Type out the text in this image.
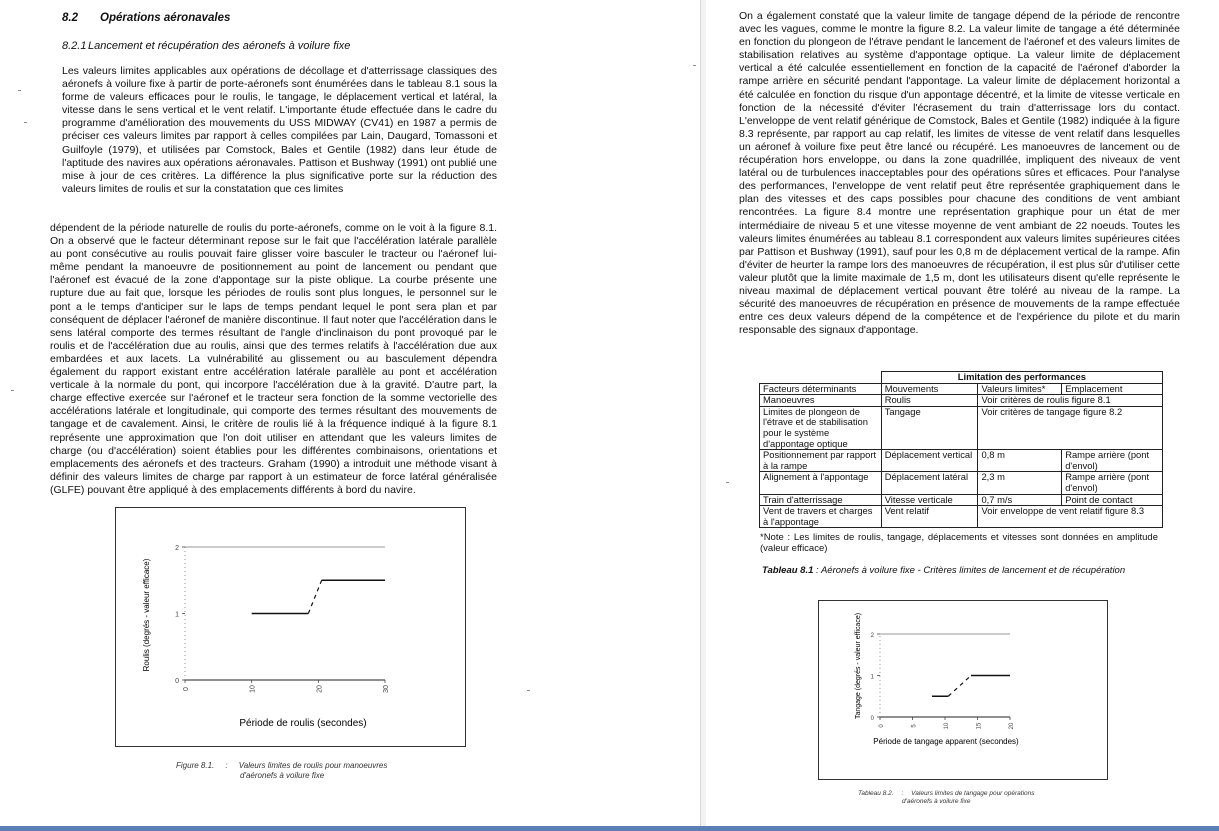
8.2 Opérations aéronavales
8.2.1 Lancement et récupération des aéronefs à voilure fixe

Les valeurs limites applicables aux opérations de décollage et d'atterrissage classiques des aéronefs à voilure fixe à partir de porte-aéronefs sont énumérées dans le tableau 8.1 sous la forme de valeurs efficaces pour le roulis, le tangage, le déplacement vertical et latéral, la vitesse dans le sens vertical et le vent relatif. L'importante étude effectuée dans le cadre du programme d'amélioration des mouvements du USS MIDWAY (CV41) en 1987 a permis de préciser ces valeurs limites par rapport à celles compilées par Lain, Daugard, Tomassoni et Guilfoyle (1979), et utilisées par Comstock, Bales et Gentile (1982) dans leur étude de l'aptitude des navires aux opérations aéronavales. Pattison et Bushway (1991) ont publié une mise à jour de ces critères. La différence la plus significative porte sur la réduction des valeurs limites de roulis et sur la constatation que ces limites

dépendent de la période naturelle de roulis du porte-aéronefs, comme on le voit à la figure 8.1. On a observé que le facteur déterminant repose sur le fait que l'accélération latérale parallèle au pont consécutive au roulis pouvait faire glisser voire basculer le tracteur ou l'aéronef lui-même pendant la manoeuvre de positionnement au point de lancement ou pendant que l'aéronef est évacué de la zone d'appontage sur la piste oblique. La courbe présente une rupture due au fait que, lorsque les périodes de roulis sont plus longues, le personnel sur le pont a le temps d'anticiper sur le laps de temps pendant lequel le pont sera plan et par conséquent de déplacer l'aéronef de manière discontinue. Il faut noter que l'accélération dans le sens latéral comporte des termes résultant de l'angle d'inclinaison du pont provoqué par le roulis et de l'accélération due au roulis, ainsi que des termes relatifs à l'accélération due aux embardées et aux lacets. La vulnérabilité au glissement ou au basculement dépendra également du rapport existant entre accélération latérale parallèle au pont et accélération verticale à la normale du pont, qui incorpore l'accélération due à la gravité. D'autre part, la charge effective exercée sur l'aéronef et le tracteur sera fonction de la somme vectorielle des accélérations latérale et longitudinale, qui comporte des termes résultant des mouvements de tangage et de cavalement. Ainsi, le critère de roulis lié à la fréquence indiqué à la figure 8.1 représente une approximation que l'on doit utiliser en attendant que les valeurs limites de charge (ou d'accélération) soient établies pour les différentes combinaisons, orientations et emplacements des aéronefs et des tracteurs. Graham (1990) a introduit une méthode visant à définir des valeurs limites de charge par rapport à un estimateur de force latéral généralisée (GLFE) pouvant être appliqué à des emplacements différents à bord du navire.

0	10	20	30
0
1
2
Période de roulis (secondes)
Roulis (degrés - valeur efficace)
Figure 8.1. : Valeurs limites de roulis pour manoeuvres
d'aéronefs à voilure fixe

On a également constaté que la valeur limite de tangage dépend de la période de rencontre avec les vagues, comme le montre la figure 8.2. La valeur limite de tangage a été déterminée en fonction du plongeon de l'étrave pendant le lancement de l'aéronef et des valeurs limites de stabilisation relatives au système d'appontage optique. La valeur limite de déplacement vertical a été calculée essentiellement en fonction de la capacité de l'aéronef d'aborder la rampe arrière en sécurité pendant l'appontage. La valeur limite de déplacement horizontal a été calculée en fonction du risque d'un appontage décentré, et la limite de vitesse verticale en fonction de la nécessité d'éviter l'écrasement du train d'atterrissage lors du contact. L'enveloppe de vent relatif générique de Comstock, Bales et Gentile (1982) indiquée à la figure 8.3 représente, par rapport au cap relatif, les limites de vitesse de vent relatif dans lesquelles un aéronef à voilure fixe peut être lancé ou récupéré. Les manoeuvres de lancement ou de récupération hors enveloppe, ou dans la zone quadrillée, impliquent des niveaux de vent latéral ou de turbulences inacceptables pour des opérations sûres et efficaces. Pour l'analyse des performances, l'enveloppe de vent relatif peut être représentée graphiquement dans le plan des vitesses et des caps possibles pour chacune des conditions de vent ambiant rencontrées. La figure 8.4 montre une représentation graphique pour un état de mer intermédiaire de niveau 5 et une vitesse moyenne de vent ambiant de 22 noeuds. Toutes les valeurs limites énumérées au tableau 8.1 correspondent aux valeurs limites supérieures citées par Pattison et Bushway (1991), sauf pour les 0,8 m de déplacement vertical de la rampe. Afin d'éviter de heurter la rampe lors des manoeuvres de récupération, il est plus sûr d'utiliser cette valeur plutôt que la limite maximale de 1,5 m, dont les utilisateurs disent qu'elle représente le niveau maximal de déplacement vertical pouvant être toléré au niveau de la rampe. La sécurité des manoeuvres de récupération en présence de mouvements de la rampe effectuée entre ces deux valeurs dépend de la compétence et de l'expérience du pilote et du marin responsable des signaux d'appontage.

	Limitation des performances		
Facteurs déterminants	Mouvements	Valeurs limites*	Emplacement
Manoeuvres	Roulis	Voir critères de roulis figure 8.1	
Limites de plongeon de l'étrave et de stabilisation pour le système d'appontage optique	Tangage	Voir critères de tangage figure 8.2	
Positionnement par rapport à la rampe	Déplacement vertical	0,8 m	Rampe arrière (pont d'envol)
Alignement à l'appontage	Déplacement latéral	2,3 m	Rampe arrière (pont d'envol)
Train d'atterrissage	Vitesse verticale	0,7 m/s	Point de contact
Vent de travers et charges à l'appontage	Vent relatif	Voir enveloppe de vent relatif figure 8.3	
*Note : Les limites de roulis, tangage, déplacements et vitesses sont données en amplitude (valeur efficace)
Tableau 8.1 : Aéronefs à voilure fixe - Critères limites de lancement et de récupération
0	5	10	15	20
0
1
2
Période de tangage apparent (secondes)
Tangage (degrés - valeur efficace)
Tableau 8.2. : Valeurs limites de tangage pour opérations
d'aéronefs à voilure fixe
